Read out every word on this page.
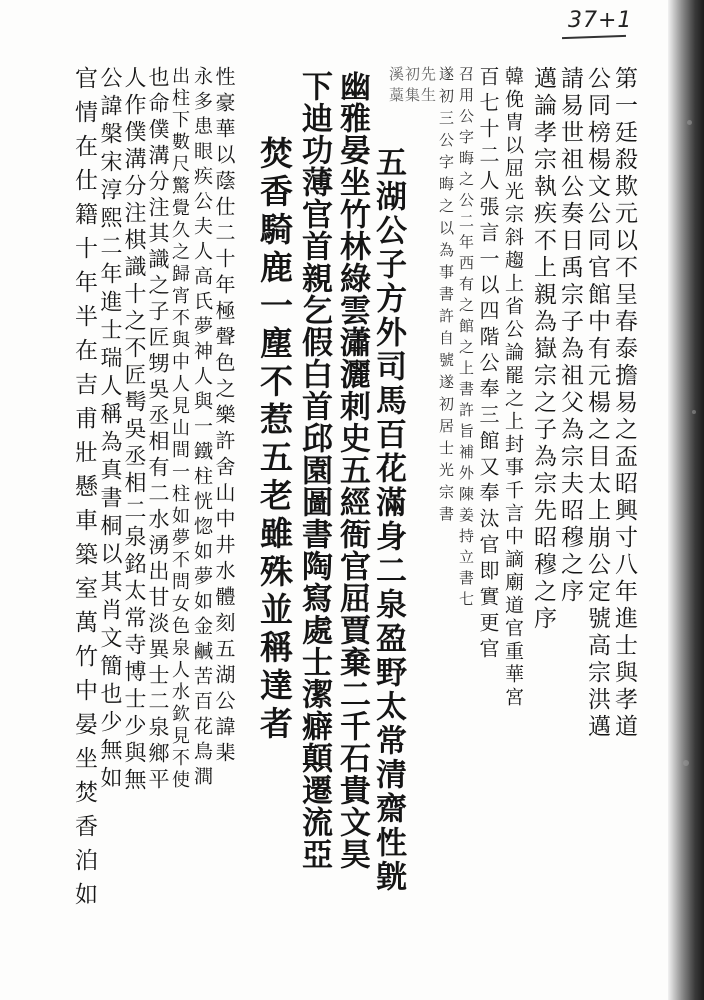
37+1
第一廷殺欺元以不呈春泰擔易之盃昭興寸八年進士與孝道
公同榜楊文公同官館中有元楊之目太上崩公定號高宗洪邁
請易世祖公奏日禹宗子為祖父為宗夫昭穆之序
邁論孝宗執疾不上親為嶽宗之子為宗先昭穆之序
韓俛冑以屈光宗斜趨上省公論罷之上封事千言中謫廟道官重華宮
百七十二人張言一以四階公奉三館又奉汰官即實更官
召用公字晦之公二年西有之館之上書許旨補外陳姜持立書七
遂初三公字晦之以為事書許自號遂初居士光宗書
先生
初集
溪藁
五湖公子方外司馬百花滿身二泉盈野太常清齋性皝
幽雅晏坐竹林綠雲瀟灑刺史五經衙官屈賈棄二千石貴文昊
下迪功薄官首親乞假白首邱園圖書陶寫處士潔癖顛遷流亞
焚香騎鹿一塵不惹五老雖殊並稱達者
性豪華以蔭仕二十年極聲色之樂許舍山中井水體刻五湖公諱棐
永多患眼疾公夫人高氏夢神人與一鐵柱恍惚如夢如金鹹苦百花鳥澗
出柱下數尺驚覺久之歸宵不與中人見山間一柱如夢不問女色泉人水欽見不使
也命僕溝分注其識之子匠甥吳丞相有二水湧出甘淡異士二泉鄉平
人作僕溝分注棋識十之不匠髩吳丞相二泉銘太常寺博士少與無
公諱槃宋淳熙二年進士瑞人稱為真書桐以其肖文簡也少無如
官情在仕籍十年半在吉甫壯懸車築室萬竹中晏坐焚香泊如
